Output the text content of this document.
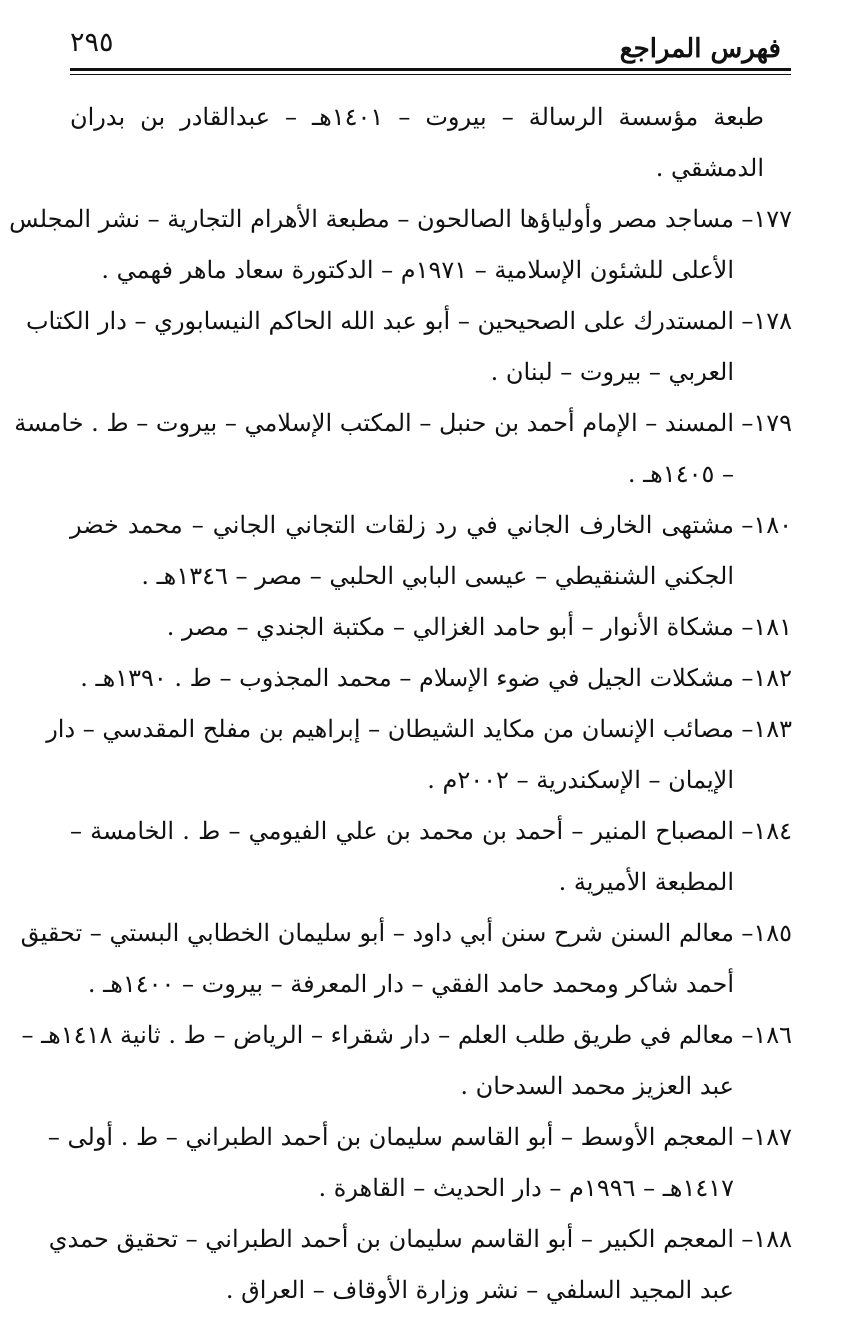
٢٩٥	فهرس المراجع
طبعة مؤسسة الرسالة – بيروت – ١٤٠١هـ – عبدالقادر بن بدران
الدمشقي .
١٧٧–مساجد مصر وأولياؤها الصالحون – مطبعة الأهرام التجارية – نشر المجلس
الأعلى للشئون الإسلامية – ١٩٧١م – الدكتورة سعاد ماهر فهمي .
١٧٨–المستدرك على الصحيحين – أبو عبد الله الحاكم النيسابوري – دار الكتاب
العربي – بيروت – لبنان .
١٧٩–المسند – الإمام أحمد بن حنبل – المكتب الإسلامي – بيروت – ط . خامسة
– ١٤٠٥هـ .
١٨٠–مشتهى الخارف الجاني في رد زلقات التجاني الجاني – محمد خضر
الجكني الشنقيطي – عيسى البابي الحلبي – مصر – ١٣٤٦هـ .
١٨١–مشكاة الأنوار – أبو حامد الغزالي – مكتبة الجندي – مصر .
١٨٢–مشكلات الجيل في ضوء الإسلام – محمد المجذوب – ط . ١٣٩٠هـ .
١٨٣–مصائب الإنسان من مكايد الشيطان – إبراهيم بن مفلح المقدسي – دار
الإيمان – الإسكندرية – ٢٠٠٢م .
١٨٤–المصباح المنير – أحمد بن محمد بن علي الفيومي – ط . الخامسة –
المطبعة الأميرية .
١٨٥–معالم السنن شرح سنن أبي داود – أبو سليمان الخطابي البستي – تحقيق
أحمد شاكر ومحمد حامد الفقي – دار المعرفة – بيروت – ١٤٠٠هـ .
١٨٦–معالم في طريق طلب العلم – دار شقراء – الرياض – ط . ثانية ١٤١٨هـ –
عبد العزيز محمد السدحان .
١٨٧–المعجم الأوسط – أبو القاسم سليمان بن أحمد الطبراني – ط . أولى –
١٤١٧هـ – ١٩٩٦م – دار الحديث – القاهرة .
١٨٨–المعجم الكبير – أبو القاسم سليمان بن أحمد الطبراني – تحقيق حمدي
عبد المجيد السلفي – نشر وزارة الأوقاف – العراق .
